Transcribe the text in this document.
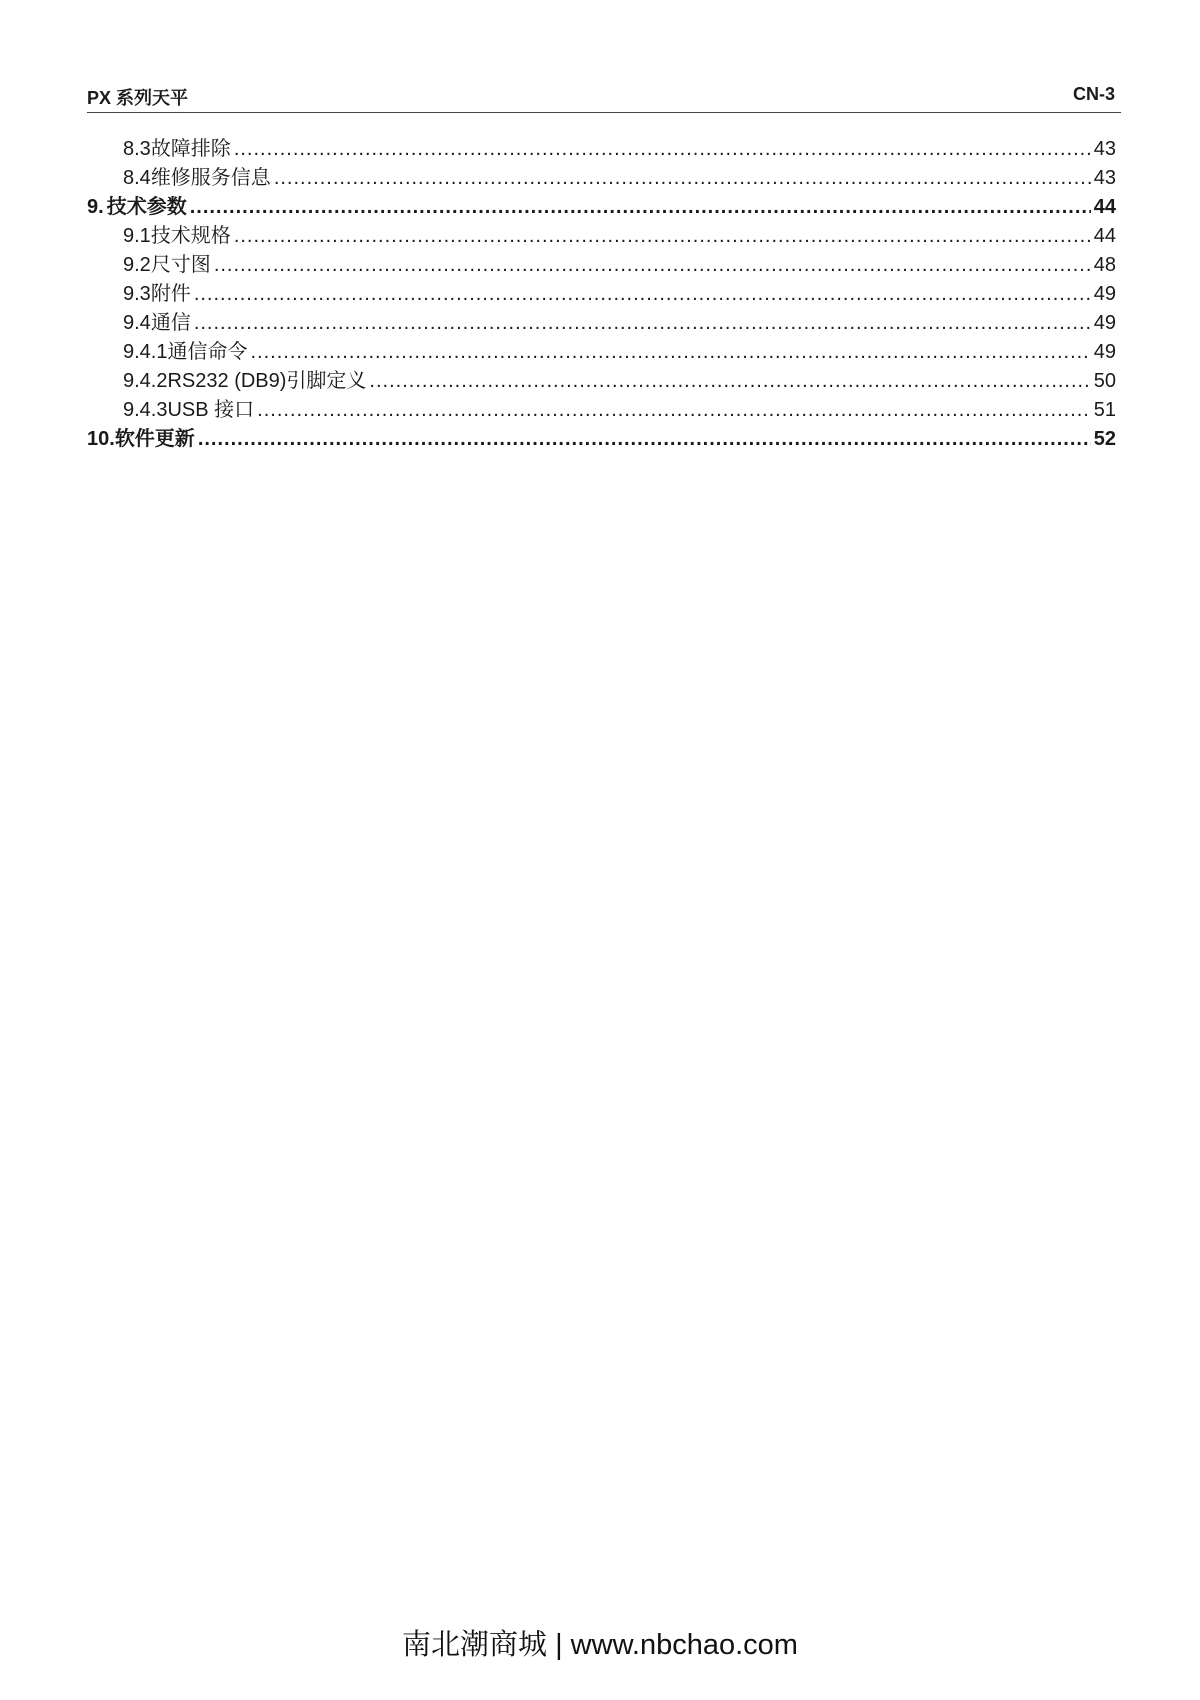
PX 系列天平	CN-3
8.3 故障排除 .....	43
8.4 维修服务信息 .....	43
9. 技术参数 .....	44
9.1 技术规格 .....	44
9.2 尺寸图 .....	48
9.3 附件 .....	49
9.4 通信 .....	49
9.4.1 通信命令 .....	49
9.4.2 RS232 (DB9)引脚定义 .....	50
9.4.3 USB 接口 .....	51
10. 软件更新 .....	52
南北潮商城 | www.nbchao.com
